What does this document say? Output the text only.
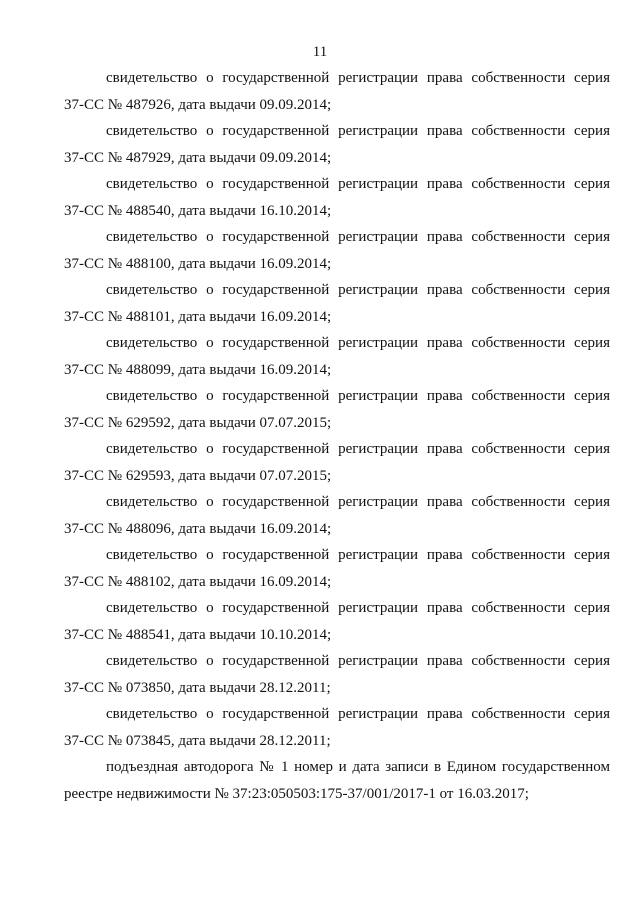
11
свидетельство о государственной регистрации права собственности серия
37-СС № 487926, дата выдачи 09.09.2014;
свидетельство о государственной регистрации права собственности серия
37-СС № 487929, дата выдачи 09.09.2014;
свидетельство о государственной регистрации права собственности серия
37-СС № 488540, дата выдачи 16.10.2014;
свидетельство о государственной регистрации права собственности серия
37-СС № 488100, дата выдачи 16.09.2014;
свидетельство о государственной регистрации права собственности серия
37-СС № 488101, дата выдачи 16.09.2014;
свидетельство о государственной регистрации права собственности серия
37-СС № 488099, дата выдачи 16.09.2014;
свидетельство о государственной регистрации права собственности серия
37-СС № 629592, дата выдачи 07.07.2015;
свидетельство о государственной регистрации права собственности серия
37-СС № 629593, дата выдачи 07.07.2015;
свидетельство о государственной регистрации права собственности серия
37-СС № 488096, дата выдачи 16.09.2014;
свидетельство о государственной регистрации права собственности серия
37-СС № 488102, дата выдачи 16.09.2014;
свидетельство о государственной регистрации права собственности серия
37-СС № 488541, дата выдачи 10.10.2014;
свидетельство о государственной регистрации права собственности серия
37-СС № 073850, дата выдачи 28.12.2011;
свидетельство о государственной регистрации права собственности серия
37-СС № 073845, дата выдачи 28.12.2011;
подъездная автодорога № 1 номер и дата записи в Едином государственном
реестре недвижимости № 37:23:050503:175-37/001/2017-1 от 16.03.2017;
